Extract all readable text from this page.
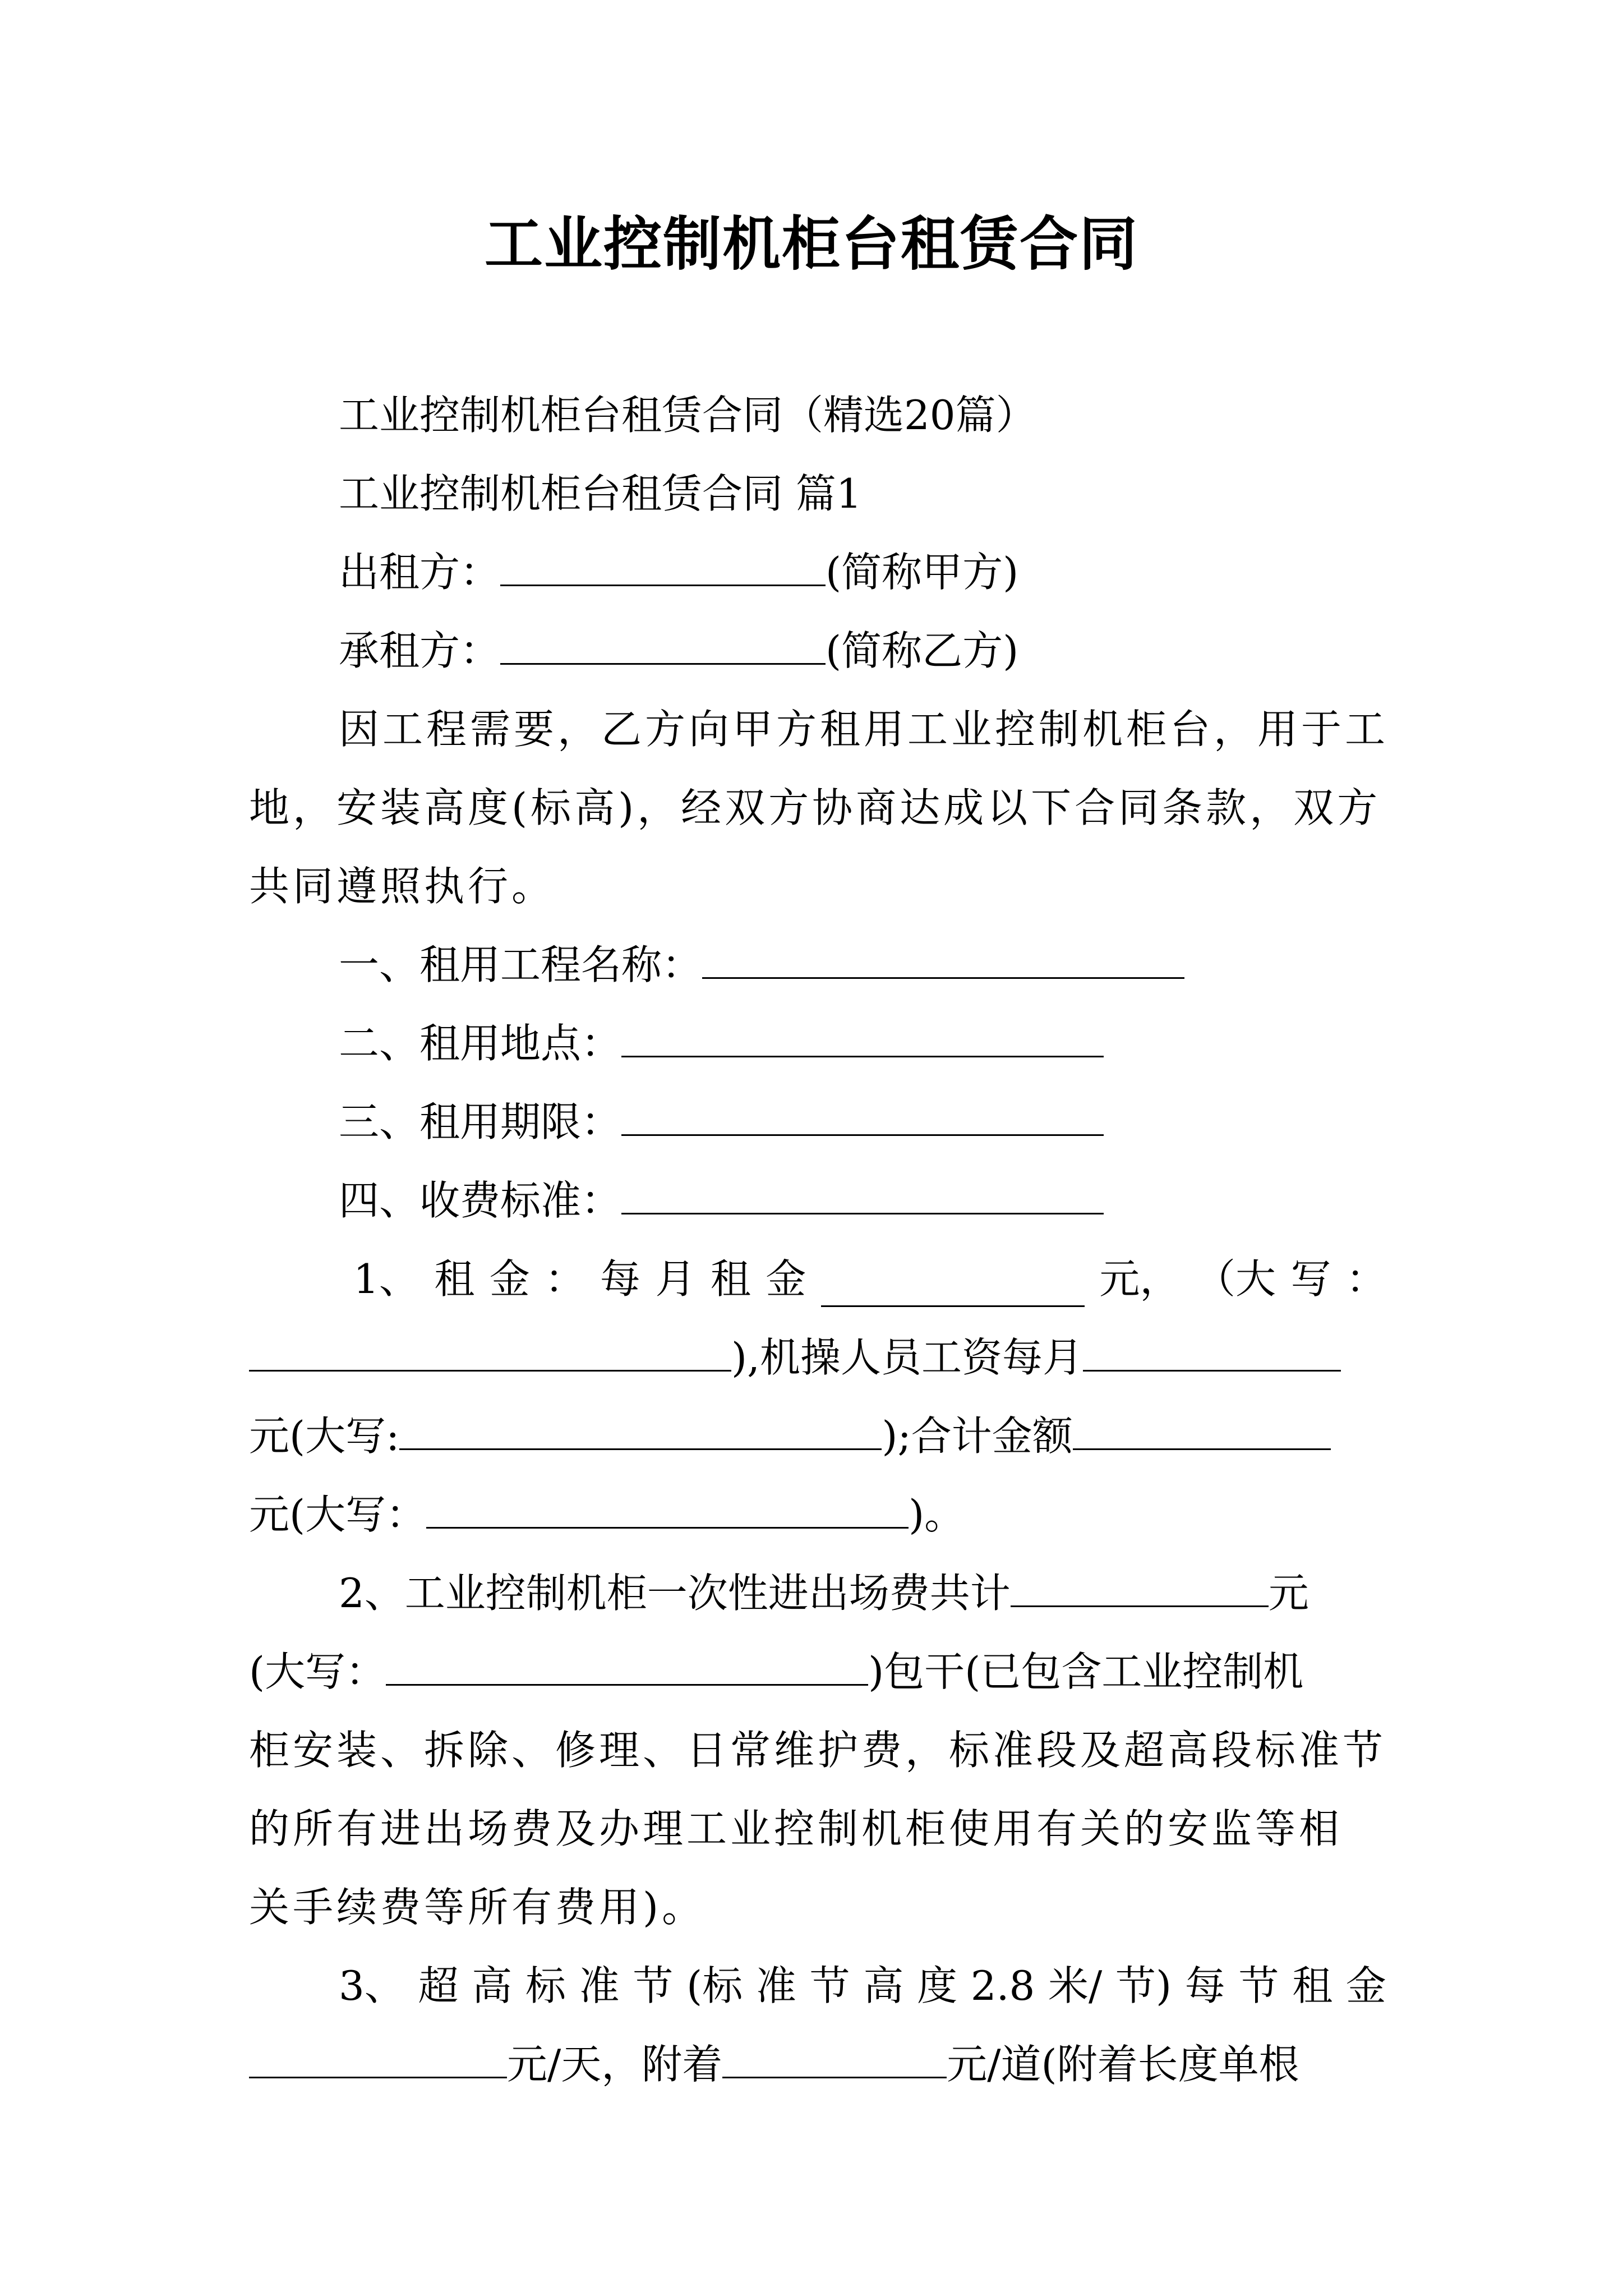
工业控制机柜台租赁合同
工业控制机柜台租赁合同（精选20篇）
工业控制机柜台租赁合同 篇1
出租方：	(简称甲方)
承租方：	(简称乙方)
因工程需要，乙方向甲方租用工业控制机柜台，用于工
地，安装高度(标高)，经双方协商达成以下合同条款，双方
共同遵照执行。
一、租用工程名称：
二、租用地点：
三、租用期限：
四、收费标准：
1、 租 金 ： 每 月 租 金	元， （大 写 ：
),机操人员工资每月
元(大写:	);合计金额
元(大写：	)。
2、工业控制机柜一次性进出场费共计	元
(大写：	)包干(已包含工业控制机
柜安装、拆除、修理、日常维护费，标准段及超高段标准节
的所有进出场费及办理工业控制机柜使用有关的安监等相
关手续费等所有费用)。
3、 超 高 标 准 节 (标 准 节 高 度 2.8 米/ 节) 每 节 租 金
元/天，附着	元/道(附着长度单根
